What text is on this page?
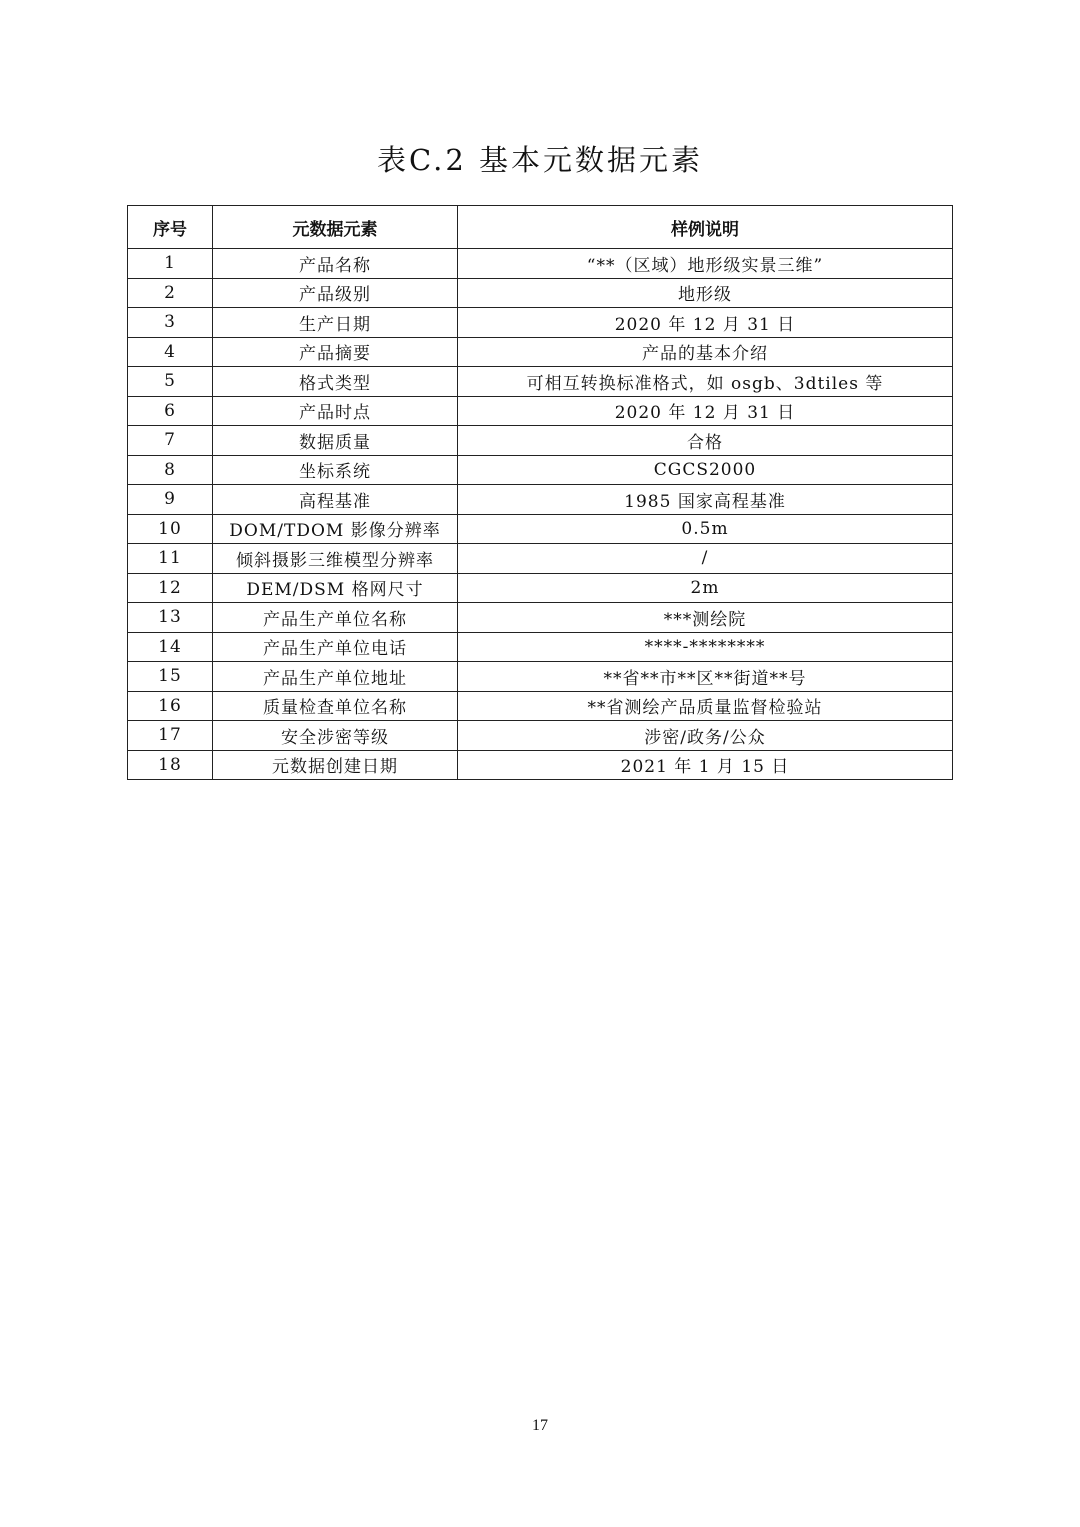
表C.2 基本元数据元素
序号	元数据元素	样例说明
1	产品名称	“**（区域）地形级实景三维”
2	产品级别	地形级
3	生产日期	2020 年 12 月 31 日
4	产品摘要	产品的基本介绍
5	格式类型	可相互转换标准格式，如 osgb、3dtiles 等
6	产品时点	2020 年 12 月 31 日
7	数据质量	合格
8	坐标系统	CGCS2000
9	高程基准	1985 国家高程基准
10	DOM/TDOM 影像分辨率	0.5m
11	倾斜摄影三维模型分辨率	/
12	DEM/DSM 格网尺寸	2m
13	产品生产单位名称	***测绘院
14	产品生产单位电话	****-********
15	产品生产单位地址	**省**市**区**街道**号
16	质量检查单位名称	**省测绘产品质量监督检验站
17	安全涉密等级	涉密/政务/公众
18	元数据创建日期	2021 年 1 月 15 日
17
